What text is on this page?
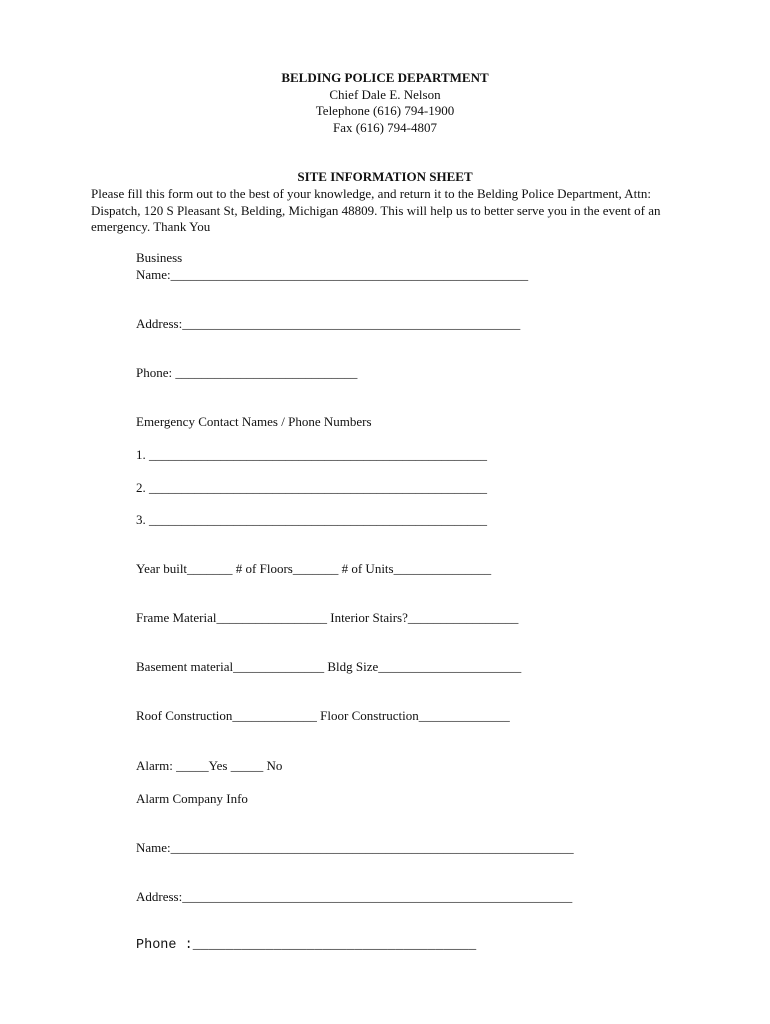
BELDING POLICE DEPARTMENT
Chief Dale E. Nelson
Telephone (616) 794-1900
Fax (616) 794-4807
SITE INFORMATION SHEET
Please fill this form out to the best of your knowledge, and return it to the Belding Police Department, Attn: Dispatch, 120 S Pleasant St, Belding, Michigan 48809. This will help us to better serve you in the event of an emergency. Thank You
Business
Name:_______________________________________________________
Address:____________________________________________________
Phone: ____________________________
Emergency Contact Names / Phone Numbers
1. ____________________________________________________
2. ____________________________________________________
3. ____________________________________________________
Year built_______ # of Floors_______ # of Units_______________
Frame Material_________________ Interior Stairs?_________________
Basement material______________ Bldg Size______________________
Roof Construction_____________ Floor Construction______________
Alarm: _____Yes _____ No
Alarm Company Info
Name:______________________________________________________________
Address:____________________________________________________________
Phone :___________________________________
